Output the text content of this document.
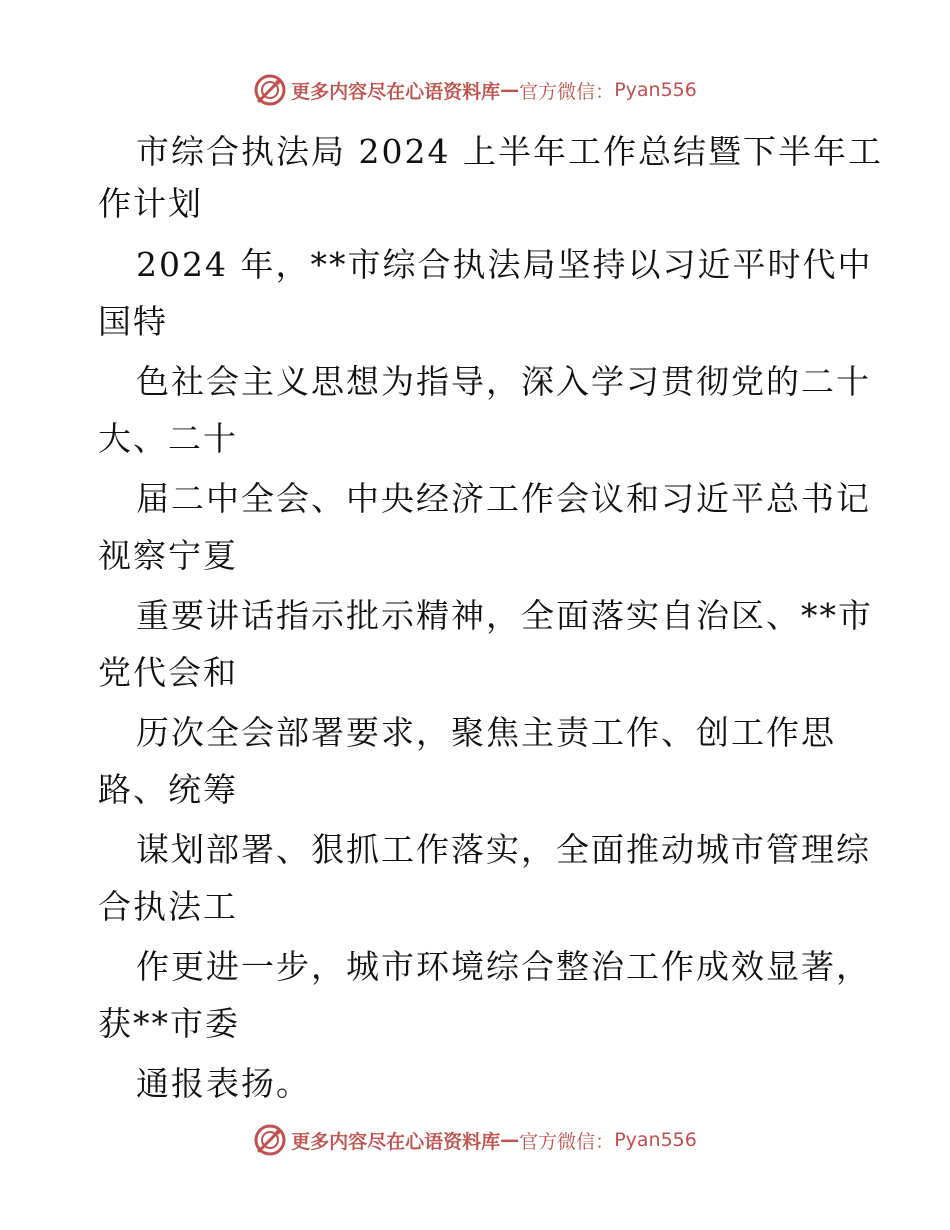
更多内容尽在心语资料库 — 官方微信： Pyan556
市综合执法局 2024 上半年工作总结暨下半年工
作计划
2024 年，**市综合执法局坚持以习近平时代中
国特
色社会主义思想为指导，深入学习贯彻党的二十
大、二十
届二中全会、中央经济工作会议和习近平总书记
视察宁夏
重要讲话指示批示精神，全面落实自治区、**市
党代会和
历次全会部署要求，聚焦主责工作、创工作思
路、统筹
谋划部署、狠抓工作落实，全面推动城市管理综
合执法工
作更进一步，城市环境综合整治工作成效显著，
获**市委
通报表扬。
更多内容尽在心语资料库 — 官方微信： Pyan556
